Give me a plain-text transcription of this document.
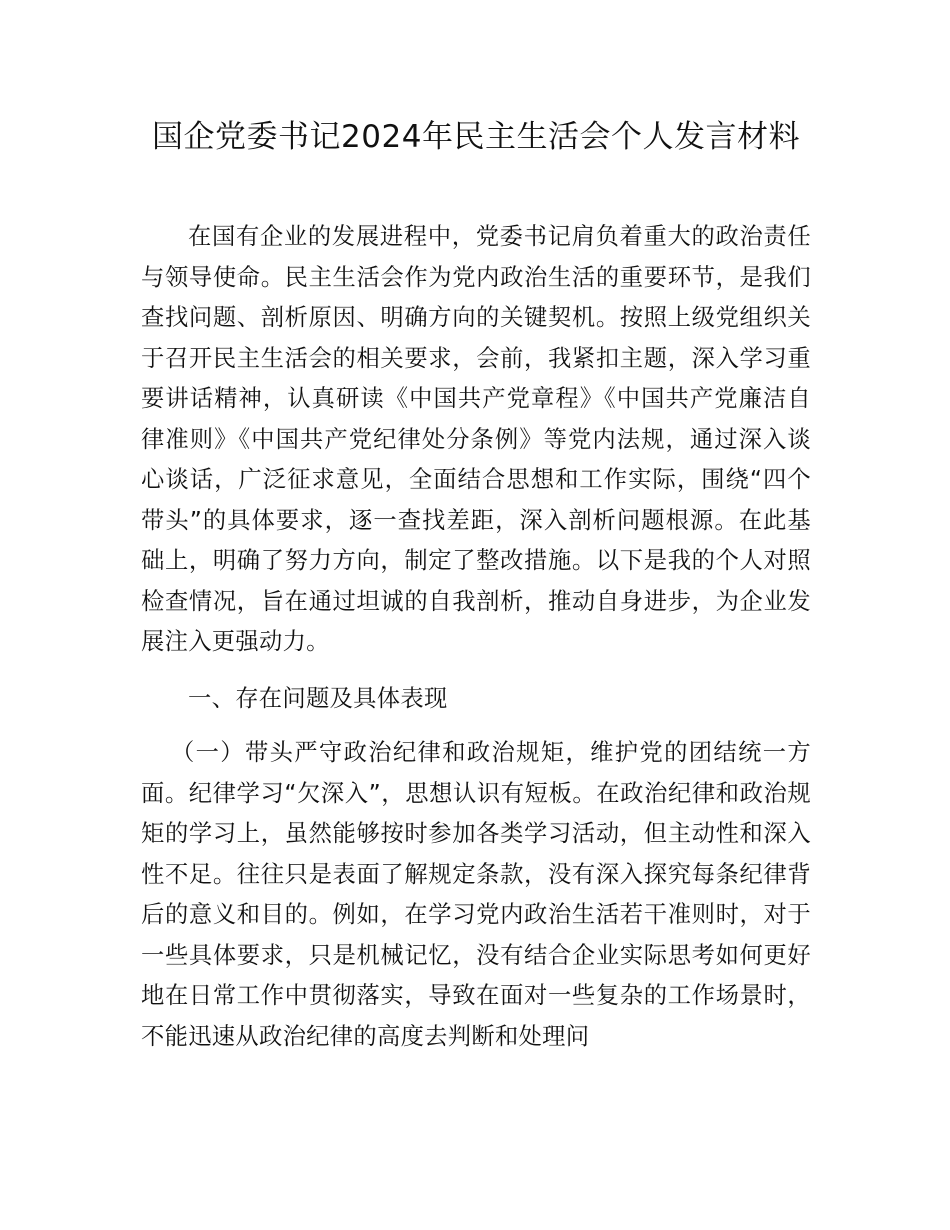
国企党委书记2024年民主生活会个人发言材料

在国有企业的发展进程中，党委书记肩负着重大的政治责任与领导使命。民主生活会作为党内政治生活的重要环节，是我们查找问题、剖析原因、明确方向的关键契机。按照上级党组织关于召开民主生活会的相关要求，会前，我紧扣主题，深入学习重要讲话精神，认真研读《中国共产党章程》《中国共产党廉洁自律准则》《中国共产党纪律处分条例》等党内法规，通过深入谈心谈话，广泛征求意见，全面结合思想和工作实际，围绕“四个带头”的具体要求，逐一查找差距，深入剖析问题根源。在此基础上，明确了努力方向，制定了整改措施。以下是我的个人对照检查情况，旨在通过坦诚的自我剖析，推动自身进步，为企业发展注入更强动力。

一、存在问题及具体表现

（一）带头严守政治纪律和政治规矩，维护党的团结统一方面。纪律学习“欠深入”，思想认识有短板。在政治纪律和政治规矩的学习上，虽然能够按时参加各类学习活动，但主动性和深入性不足。往往只是表面了解规定条款，没有深入探究每条纪律背后的意义和目的。例如，在学习党内政治生活若干准则时，对于一些具体要求，只是机械记忆，没有结合企业实际思考如何更好地在日常工作中贯彻落实，导致在面对一些复杂的工作场景时，不能迅速从政治纪律的高度去判断和处理问
